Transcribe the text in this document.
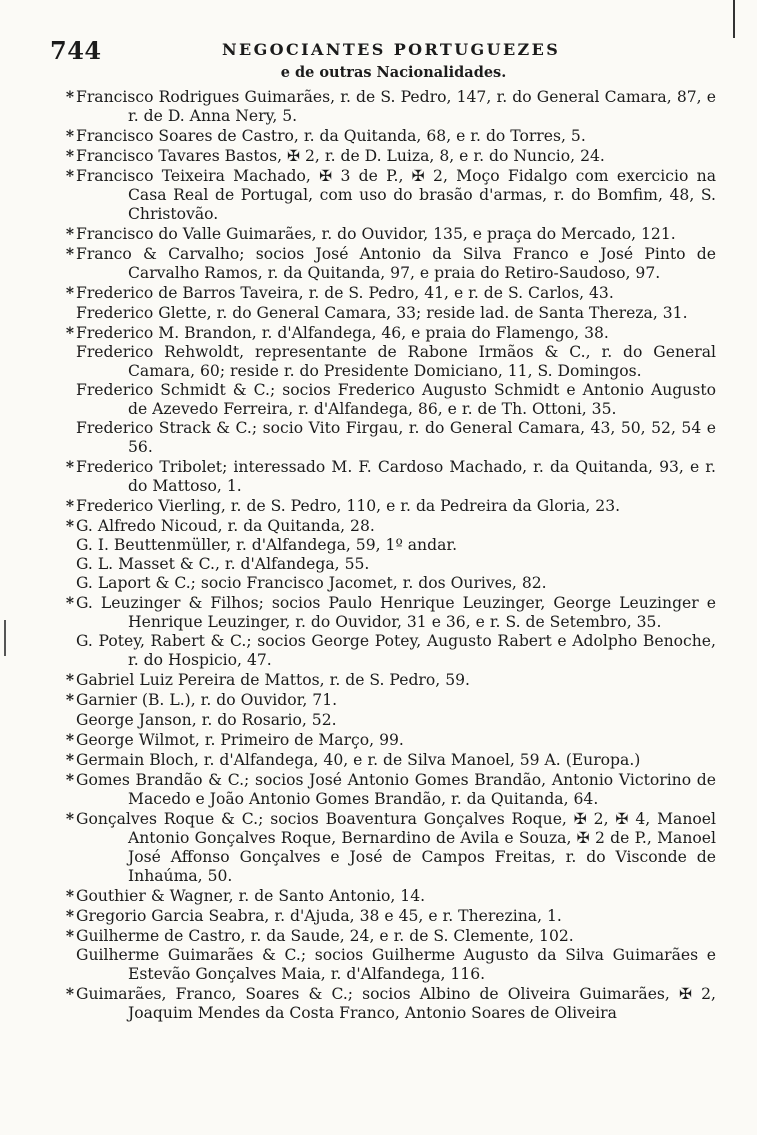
744	NEGOCIANTES PORTUGUEZES
e de outras Nacionalidades.
* Francisco Rodrigues Guimarães, r. de S. Pedro, 147, r. do General Camara, 87, e r. de D. Anna Nery, 5.
* Francisco Soares de Castro, r. da Quitanda, 68, e r. do Torres, 5.
* Francisco Tavares Bastos, ✠ 2, r. de D. Luiza, 8, e r. do Nuncio, 24.
* Francisco Teixeira Machado, ✠ 3 de P., ✠ 2, Moço Fidalgo com exercicio na Casa Real de Portugal, com uso do brasão d'armas, r. do Bomfim, 48, S. Christovão.
* Francisco do Valle Guimarães, r. do Ouvidor, 135, e praça do Mercado, 121.
* Franco & Carvalho; socios José Antonio da Silva Franco e José Pinto de Carvalho Ramos, r. da Quitanda, 97, e praia do Retiro-Saudoso, 97.
* Frederico de Barros Taveira, r. de S. Pedro, 41, e r. de S. Carlos, 43.
Frederico Glette, r. do General Camara, 33; reside lad. de Santa Thereza, 31.
* Frederico M. Brandon, r. d'Alfandega, 46, e praia do Flamengo, 38.
Frederico Rehwoldt, representante de Rabone Irmãos & C., r. do General Camara, 60; reside r. do Presidente Domiciano, 11, S. Domingos.
Frederico Schmidt & C.; socios Frederico Augusto Schmidt e Antonio Augusto de Azevedo Ferreira, r. d'Alfandega, 86, e r. de Th. Ottoni, 35.
Frederico Strack & C.; socio Vito Firgau, r. do General Camara, 43, 50, 52, 54 e 56.
* Frederico Tribolet; interessado M. F. Cardoso Machado, r. da Quitanda, 93, e r. do Mattoso, 1.
* Frederico Vierling, r. de S. Pedro, 110, e r. da Pedreira da Gloria, 23.
* G. Alfredo Nicoud, r. da Quitanda, 28.
G. I. Beuttenmüller, r. d'Alfandega, 59, 1º andar.
G. L. Masset & C., r. d'Alfandega, 55.
G. Laport & C.; socio Francisco Jacomet, r. dos Ourives, 82.
* G. Leuzinger & Filhos; socios Paulo Henrique Leuzinger, George Leuzinger e Henrique Leuzinger, r. do Ouvidor, 31 e 36, e r. S. de Setembro, 35.
G. Potey, Rabert & C.; socios George Potey, Augusto Rabert e Adolpho Benoche, r. do Hospicio, 47.
* Gabriel Luiz Pereira de Mattos, r. de S. Pedro, 59.
* Garnier (B. L.), r. do Ouvidor, 71.
George Janson, r. do Rosario, 52.
* George Wilmot, r. Primeiro de Março, 99.
* Germain Bloch, r. d'Alfandega, 40, e r. de Silva Manoel, 59 A. (Europa.)
* Gomes Brandão & C.; socios José Antonio Gomes Brandão, Antonio Victorino de Macedo e João Antonio Gomes Brandão, r. da Quitanda, 64.
* Gonçalves Roque & C.; socios Boaventura Gonçalves Roque, ✠ 2, ✠ 4, Manoel Antonio Gonçalves Roque, Bernardino de Avila e Souza, ✠ 2 de P., Manoel José Affonso Gonçalves e José de Campos Freitas, r. do Visconde de Inhaúma, 50.
* Gouthier & Wagner, r. de Santo Antonio, 14.
* Gregorio Garcia Seabra, r. d'Ajuda, 38 e 45, e r. Therezina, 1.
* Guilherme de Castro, r. da Saude, 24, e r. de S. Clemente, 102.
Guilherme Guimarães & C.; socios Guilherme Augusto da Silva Guimarães e Estevão Gonçalves Maia, r. d'Alfandega, 116.
* Guimarães, Franco, Soares & C.; socios Albino de Oliveira Guimarães, ✠ 2, Joaquim Mendes da Costa Franco, Antonio Soares de Oliveira
